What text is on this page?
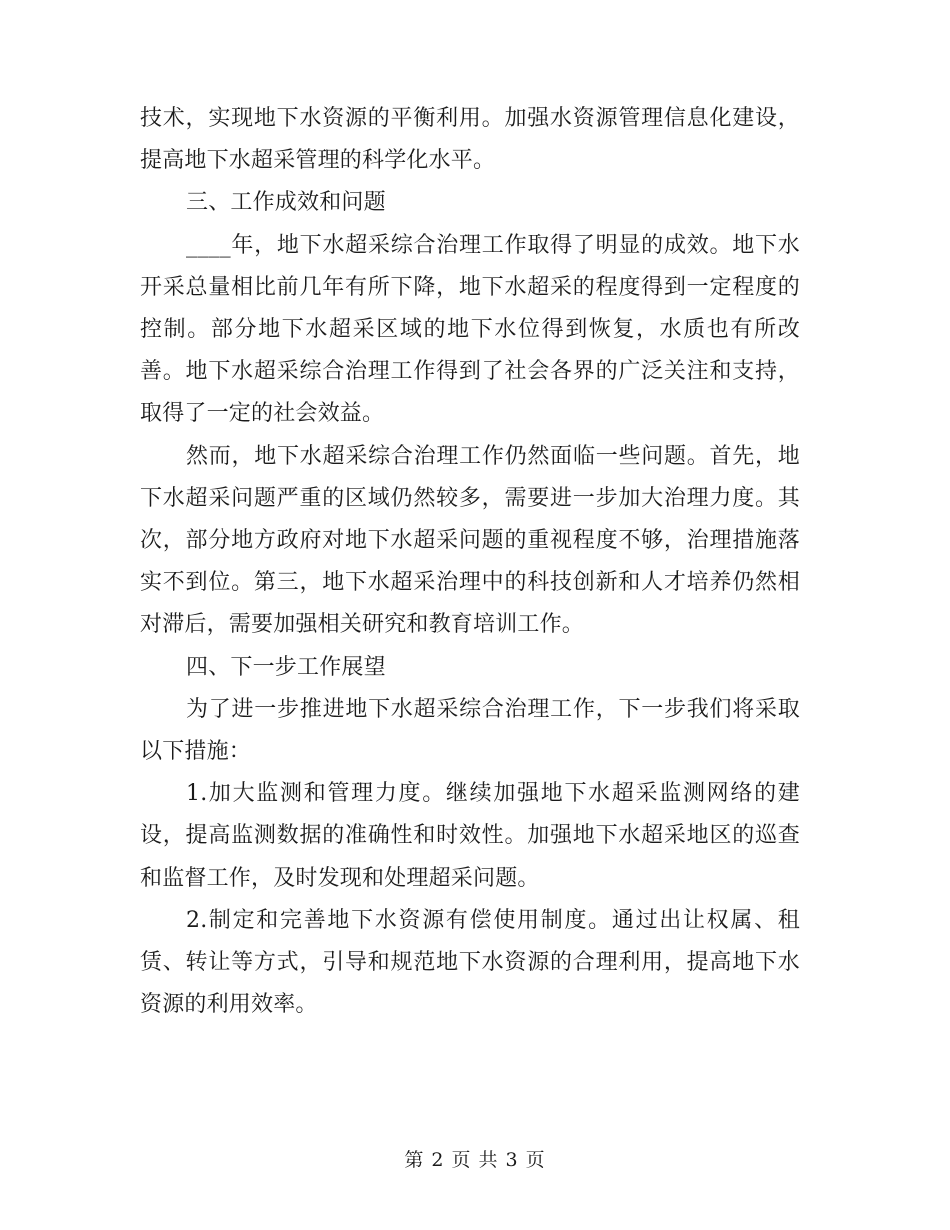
技术，实现地下水资源的平衡利用。加强水资源管理信息化建设，提高地下水超采管理的科学化水平。

三、工作成效和问题

____年，地下水超采综合治理工作取得了明显的成效。地下水开采总量相比前几年有所下降，地下水超采的程度得到一定程度的控制。部分地下水超采区域的地下水位得到恢复，水质也有所改善。地下水超采综合治理工作得到了社会各界的广泛关注和支持，取得了一定的社会效益。

然而，地下水超采综合治理工作仍然面临一些问题。首先，地下水超采问题严重的区域仍然较多，需要进一步加大治理力度。其次，部分地方政府对地下水超采问题的重视程度不够，治理措施落实不到位。第三，地下水超采治理中的科技创新和人才培养仍然相对滞后，需要加强相关研究和教育培训工作。

四、下一步工作展望

为了进一步推进地下水超采综合治理工作，下一步我们将采取以下措施：

1.加大监测和管理力度。继续加强地下水超采监测网络的建设，提高监测数据的准确性和时效性。加强地下水超采地区的巡查和监督工作，及时发现和处理超采问题。

2.制定和完善地下水资源有偿使用制度。通过出让权属、租赁、转让等方式，引导和规范地下水资源的合理利用，提高地下水资源的利用效率。

第 2 页 共 3 页
